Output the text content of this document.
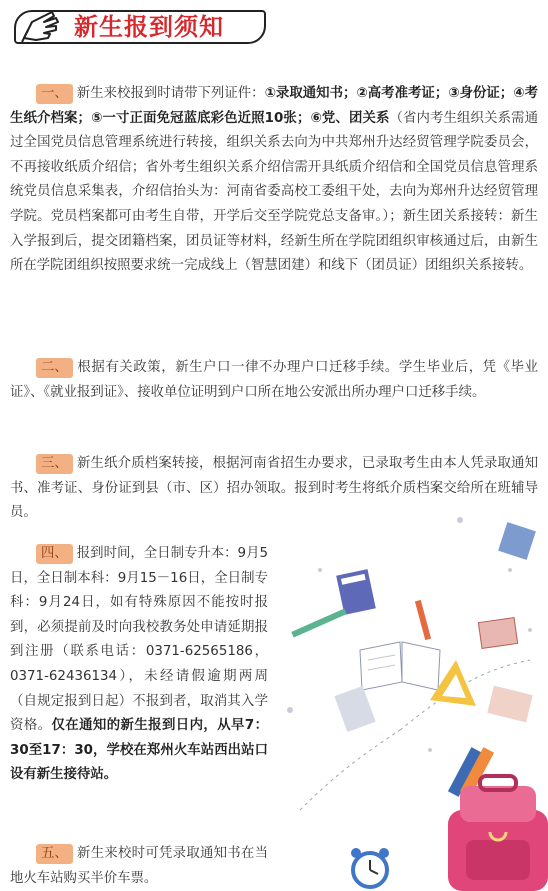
新生报到须知
一、 新生来校报到时请带下列证件：①录取通知书；②高考准考证；③身份证；④考生纸介档案；⑤一寸正面免冠蓝底彩色近照10张；⑥党、团关系（省内考生组织关系需通过全国党员信息管理系统进行转接，组织关系去向为中共郑州升达经贸管理学院委员会，不再接收纸质介绍信；省外考生组织关系介绍信需开具纸质介绍信和全国党员信息管理系统党员信息采集表，介绍信抬头为：河南省委高校工委组干处，去向为郑州升达经贸管理学院。党员档案都可由考生自带，开学后交至学院党总支备审。）；新生团关系接转：新生入学报到后，提交团籍档案，团员证等材料，经新生所在学院团组织审核通过后，由新生所在学院团组织按照要求统一完成线上（智慧团建）和线下（团员证）团组织关系接转。
二、 根据有关政策，新生户口一律不办理户口迁移手续。学生毕业后，凭《毕业证》、《就业报到证》、接收单位证明到户口所在地公安派出所办理户口迁移手续。
三、 新生纸介质档案转接，根据河南省招生办要求，已录取考生由本人凭录取通知书、准考证、身份证到县（市、区）招办领取。报到时考生将纸介质档案交给所在班辅导员。
四、 报到时间，全日制专升本：9月5日，全日制本科：9月15－16日，全日制专科：9月24日，如有特殊原因不能按时报到，必须提前及时向我校教务处申请延期报到注册（联系电话：0371-62565186，0371-62436134），未经请假逾期两周（自规定报到日起）不报到者，取消其入学资格。仅在通知的新生报到日内，从早7：30至17：30，学校在郑州火车站西出站口设有新生接待站。
五、 新生来校时可凭录取通知书在当地火车站购买半价车票。
